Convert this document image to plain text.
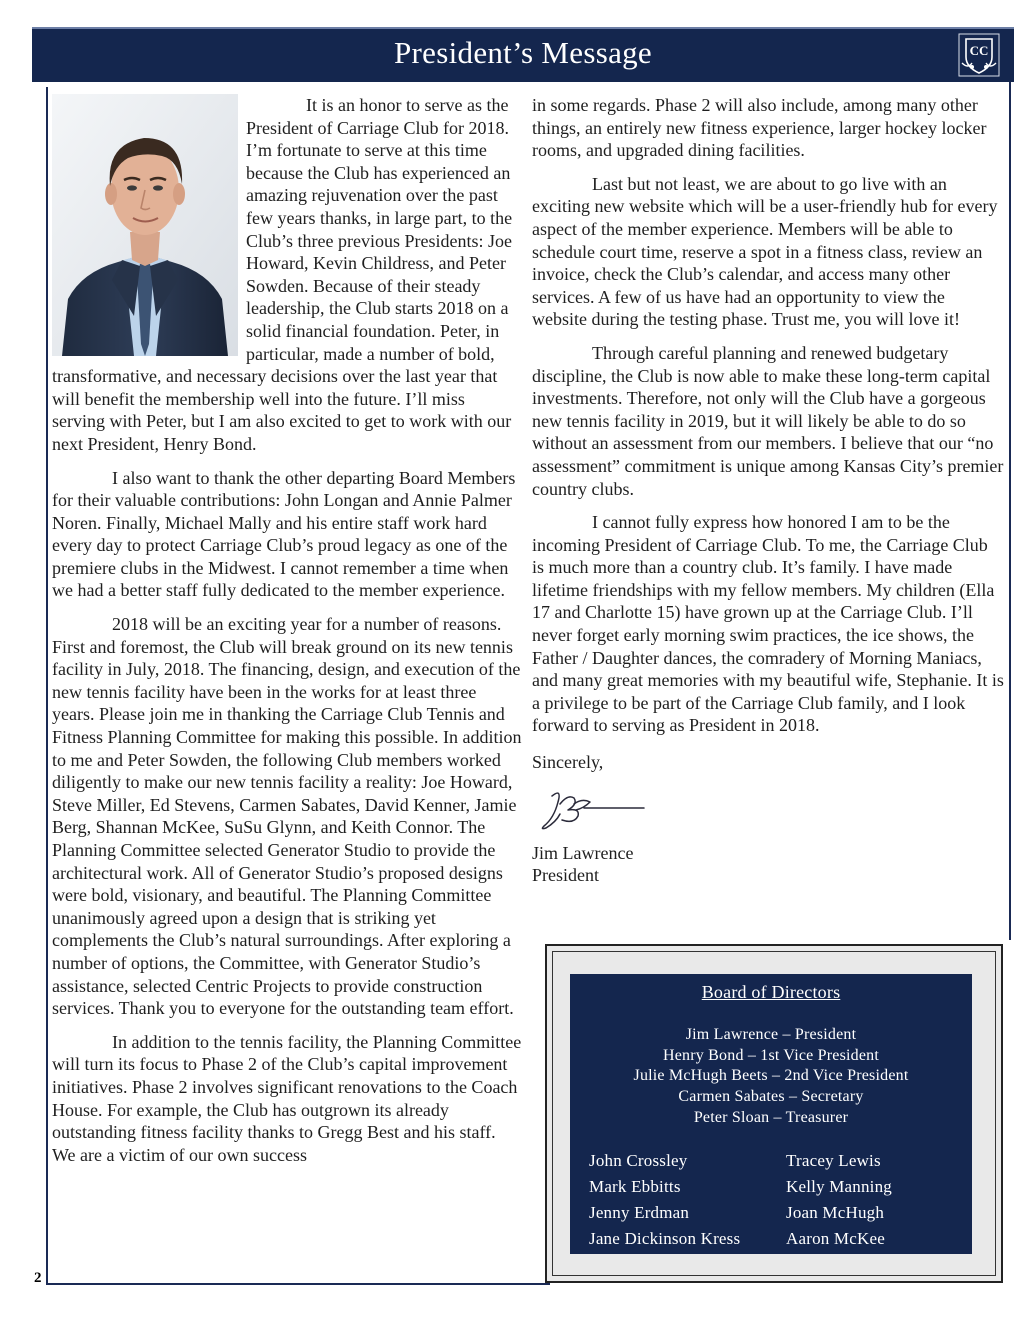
President’s Message	CC
2

It is an honor to serve as the President of Carriage Club for 2018. I’m fortunate to serve at this time because the Club has experienced an amazing rejuvenation over the past few years thanks, in large part, to the Club’s three previous Presidents: Joe Howard, Kevin Childress, and Peter Sowden. Because of their steady leadership, the Club starts 2018 on a solid financial foundation. Peter, in particular, made a number of bold, transformative, and necessary decisions over the last year that will benefit the membership well into the future. I’ll miss serving with Peter, but I am also excited to get to work with our next President, Henry Bond.

I also want to thank the other departing Board Members for their valuable contributions: John Longan and Annie Palmer Noren. Finally, Michael Mally and his entire staff work hard every day to protect Carriage Club’s proud legacy as one of the premiere clubs in the Midwest. I cannot remember a time when we had a better staff fully dedicated to the member experience.

2018 will be an exciting year for a number of reasons. First and foremost, the Club will break ground on its new tennis facility in July, 2018. The financing, design, and execution of the new tennis facility have been in the works for at least three years. Please join me in thanking the Carriage Club Tennis and Fitness Planning Committee for making this possible. In addition to me and Peter Sowden, the following Club members worked diligently to make our new tennis facility a reality: Joe Howard, Steve Miller, Ed Stevens, Carmen Sabates, David Kenner, Jamie Berg, Shannan McKee, SuSu Glynn, and Keith Connor. The Planning Committee selected Generator Studio to provide the architectural work. All of Generator Studio’s proposed designs were bold, visionary, and beautiful. The Planning Committee unanimously agreed upon a design that is striking yet complements the Club’s natural surroundings. After exploring a number of options, the Committee, with Generator Studio’s assistance, selected Centric Projects to provide construction services. Thank you to everyone for the outstanding team effort.

In addition to the tennis facility, the Planning Committee will turn its focus to Phase 2 of the Club’s capital improvement initiatives. Phase 2 involves significant renovations to the Coach House. For example, the Club has outgrown its already outstanding fitness facility thanks to Gregg Best and his staff. We are a victim of our own success

in some regards. Phase 2 will also include, among many other things, an entirely new fitness experience, larger hockey locker rooms, and upgraded dining facilities.

Last but not least, we are about to go live with an exciting new website which will be a user-friendly hub for every aspect of the member experience. Members will be able to schedule court time, reserve a spot in a fitness class, review an invoice, check the Club’s calendar, and access many other services. A few of us have had an opportunity to view the website during the testing phase. Trust me, you will love it!

Through careful planning and renewed budgetary discipline, the Club is now able to make these long-term capital investments. Therefore, not only will the Club have a gorgeous new tennis facility in 2019, but it will likely be able to do so without an assessment from our members. I believe that our “no assessment” commitment is unique among Kansas City’s premier country clubs.

I cannot fully express how honored I am to be the incoming President of Carriage Club. To me, the Carriage Club is much more than a country club. It’s family. I have made lifetime friendships with my fellow members. My children (Ella 17 and Charlotte 15) have grown up at the Carriage Club. I’ll never forget early morning swim practices, the ice shows, the Father / Daughter dances, the comradery of Morning Maniacs, and many great memories with my beautiful wife, Stephanie. It is a privilege to be part of the Carriage Club family, and I look forward to serving as President in 2018.

Sincerely,

Jim Lawrence

President

Board of Directors
Jim Lawrence – President
Henry Bond – 1st Vice President
Julie McHugh Beets – 2nd Vice President
Carmen Sabates – Secretary
Peter Sloan – Treasurer
John Crossley	Tracey Lewis
Mark Ebbitts	Kelly Manning
Jenny Erdman	Joan McHugh
Jane Dickinson Kress	Aaron McKee
